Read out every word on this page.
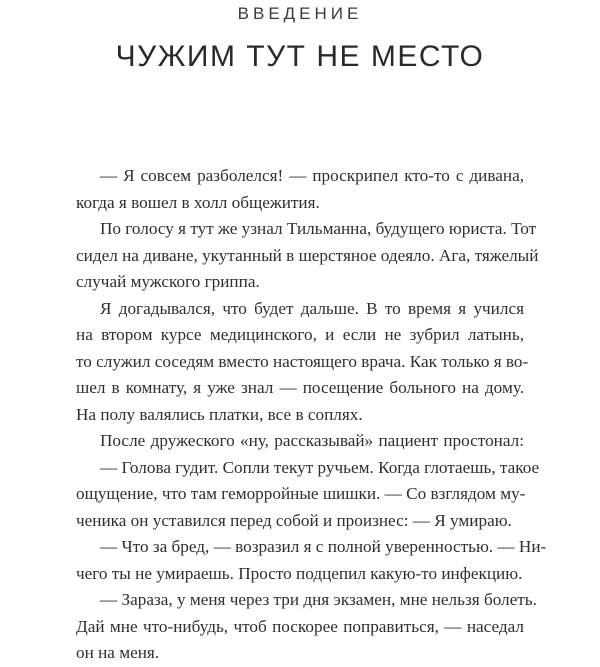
ВВЕДЕНИЕ
ЧУЖИМ ТУТ НЕ МЕСТО
— Я совсем разболелся! — проскрипел кто-то с дивана,
когда я вошел в холл общежития.
По голосу я тут же узнал Тильманна, будущего юриста. Тот
сидел на диване, укутанный в шерстяное одеяло. Ага, тяжелый
случай мужского гриппа.
Я догадывался, что будет дальше. В то время я учился
на втором курсе медицинского, и если не зубрил латынь,
то служил соседям вместо настоящего врача. Как только я во-
шел в комнату, я уже знал — посещение больного на дому.
На полу валялись платки, все в соплях.
После дружеского «ну, рассказывай» пациент простонал:
— Голова гудит. Сопли текут ручьем. Когда глотаешь, такое
ощущение, что там геморройные шишки. — Со взглядом му-
ченика он уставился перед собой и произнес: — Я умираю.
— Что за бред, — возразил я с полной уверенностью. — Ни-
чего ты не умираешь. Просто подцепил какую-то инфекцию.
— Зараза, у меня через три дня экзамен, мне нельзя болеть.
Дай мне что-нибудь, чтоб поскорее поправиться, — наседал
он на меня.
